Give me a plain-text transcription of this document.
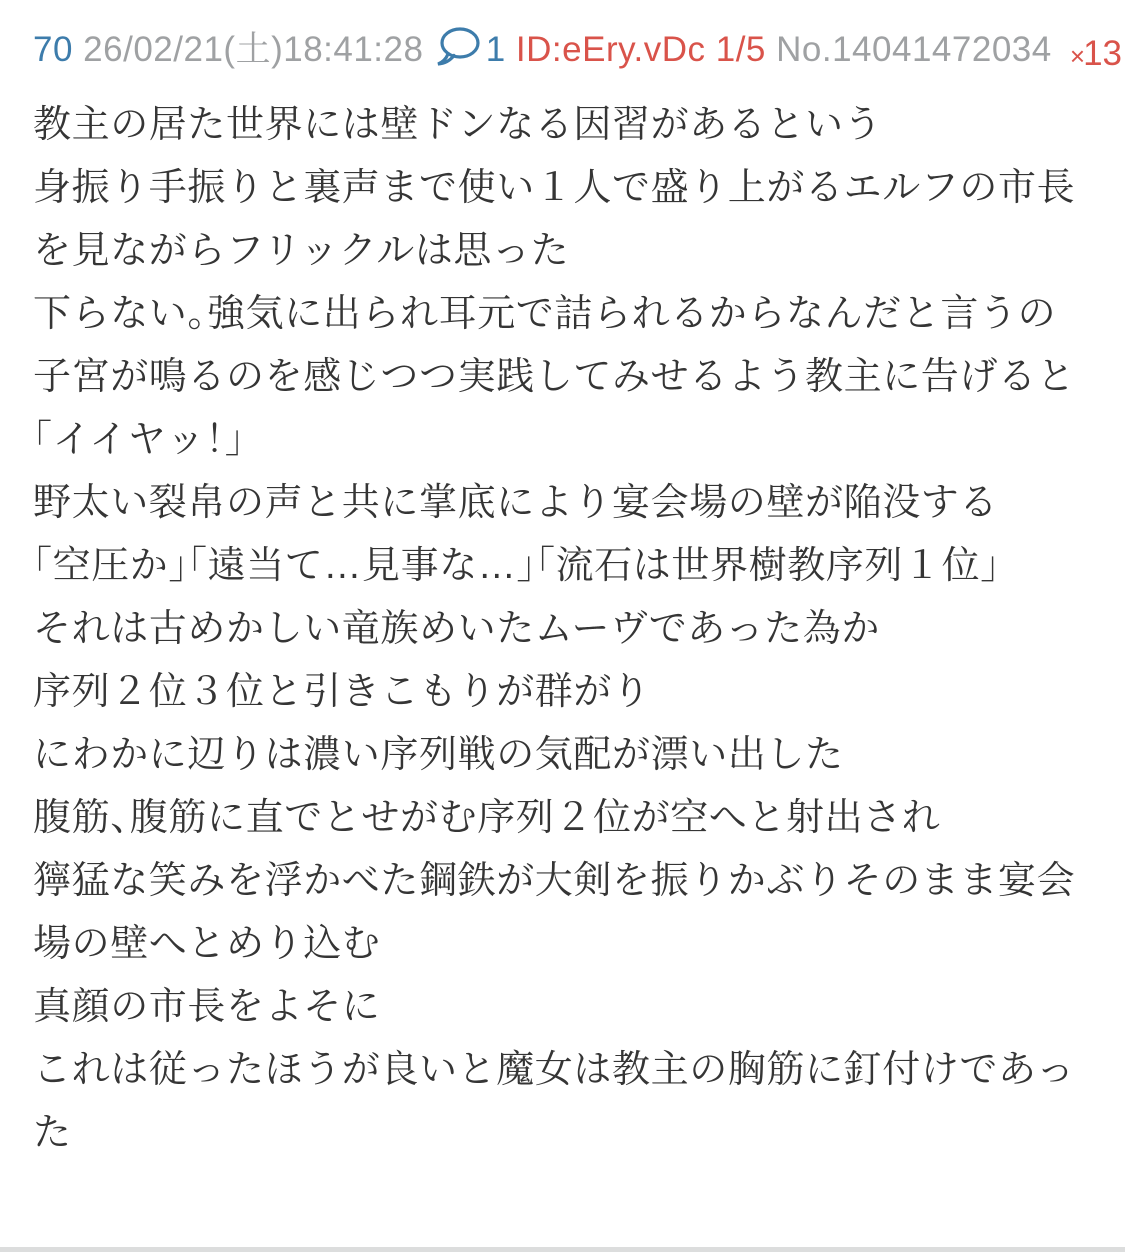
70 26/02/21(土)18:41:28 1 ID:eEry.vDc 1/5 No.14041472034 ×13
教主の居た世界には壁ドンなる因習があるという
身振り手振りと裏声まで使い１人で盛り上がるエルフの市長を見ながらフリックルは思った
下らない。強気に出られ耳元で詰られるからなんだと言うの
子宮が鳴るのを感じつつ実践してみせるよう教主に告げると
「イイヤッ！」
野太い裂帛の声と共に掌底により宴会場の壁が陥没する
「空圧か」「遠当て…見事な…」「流石は世界樹教序列１位」
それは古めかしい竜族めいたムーヴであった為か
序列２位３位と引きこもりが群がり
にわかに辺りは濃い序列戦の気配が漂い出した
腹筋、腹筋に直でとせがむ序列２位が空へと射出され
獰猛な笑みを浮かべた鋼鉄が大剣を振りかぶりそのまま宴会場の壁へとめり込む
真顔の市長をよそに
これは従ったほうが良いと魔女は教主の胸筋に釘付けであった
